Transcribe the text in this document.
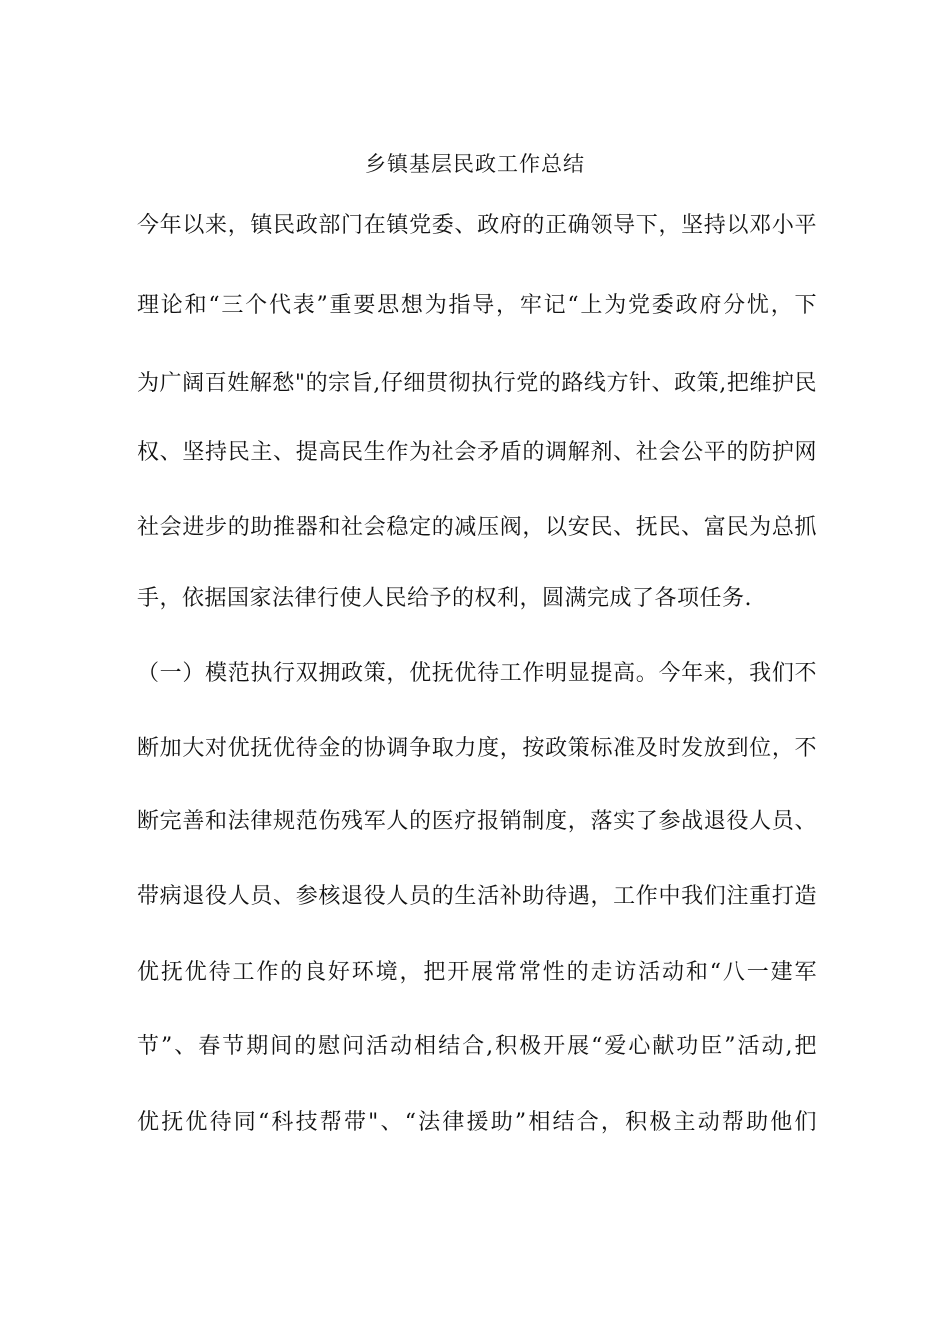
乡镇基层民政工作总结
今年以来，镇民政部门在镇党委、政府的正确领导下，坚持以邓小平
理论和“三个代表”重要思想为指导，牢记“上为党委政府分忧，下
为广阔百姓解愁"的宗旨,仔细贯彻执行党的路线方针、政策,把维护民
权、坚持民主、提高民生作为社会矛盾的调解剂、社会公平的防护网
社会进步的助推器和社会稳定的减压阀，以安民、抚民、富民为总抓
手，依据国家法律行使人民给予的权利，圆满完成了各项任务.
（一）模范执行双拥政策，优抚优待工作明显提高。今年来，我们不
断加大对优抚优待金的协调争取力度，按政策标准及时发放到位，不
断完善和法律规范伤残军人的医疗报销制度，落实了参战退役人员、
带病退役人员、参核退役人员的生活补助待遇，工作中我们注重打造
优抚优待工作的良好环境，把开展常常性的走访活动和“八一建军
节”、春节期间的慰问活动相结合,积极开展“爱心献功臣”活动,把
优抚优待同“科技帮带"、“法律援助”相结合，积极主动帮助他们
